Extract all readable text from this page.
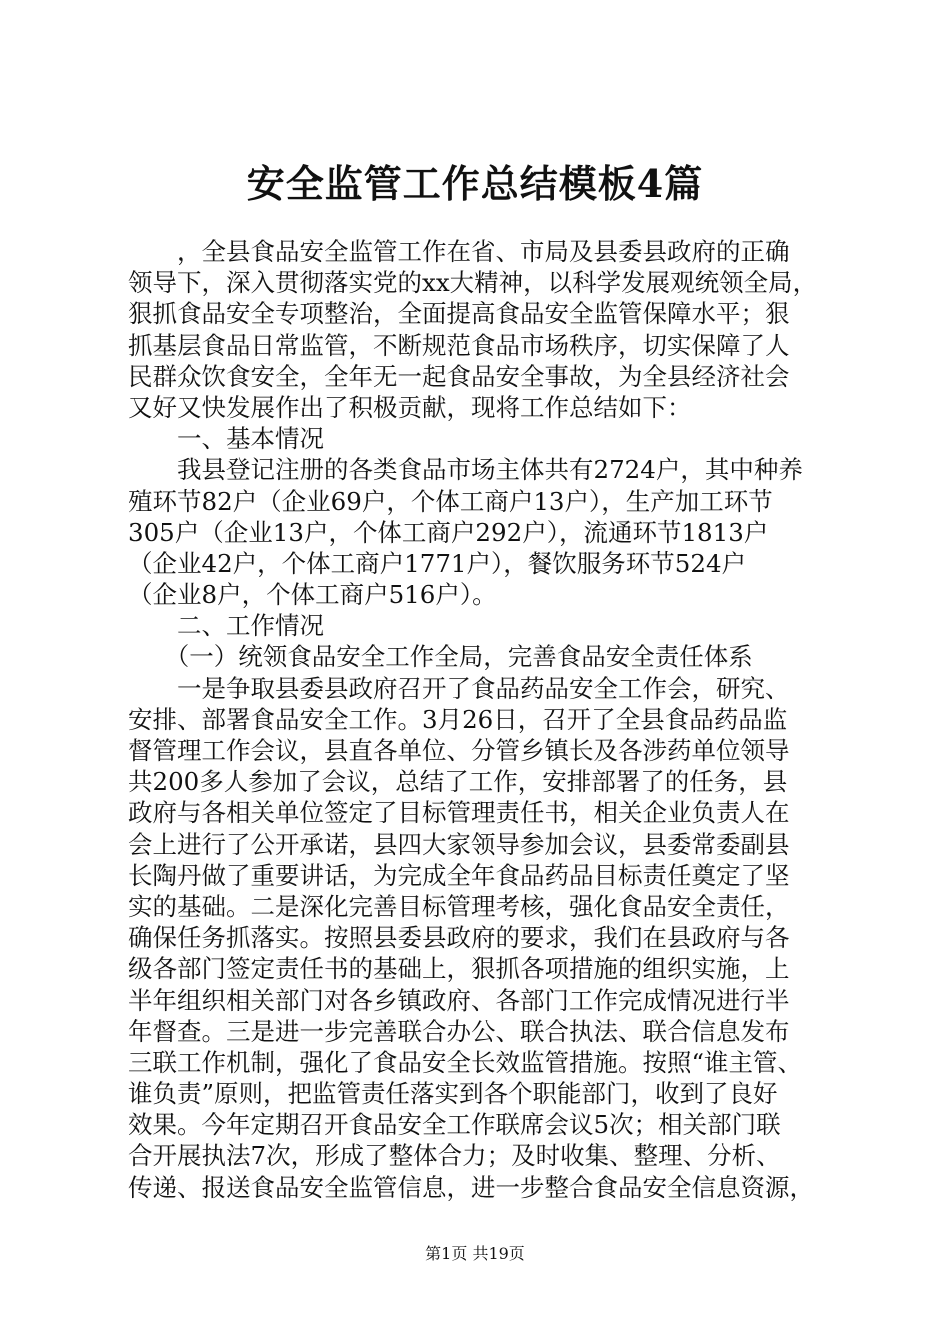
安全监管工作总结模板4篇
　　，全县食品安全监管工作在省、市局及县委县政府的正确
领导下，深入贯彻落实党的xx大精神，以科学发展观统领全局，
狠抓食品安全专项整治，全面提高食品安全监管保障水平；狠
抓基层食品日常监管，不断规范食品市场秩序，切实保障了人
民群众饮食安全，全年无一起食品安全事故，为全县经济社会
又好又快发展作出了积极贡献，现将工作总结如下：
　　一、基本情况
　　我县登记注册的各类食品市场主体共有2724户，其中种养
殖环节82户（企业69户，个体工商户13户），生产加工环节
305户（企业13户，个体工商户292户），流通环节1813户
（企业42户，个体工商户1771户），餐饮服务环节524户
（企业8户，个体工商户516户）。
　　二、工作情况
　　（一）统领食品安全工作全局，完善食品安全责任体系
　　一是争取县委县政府召开了食品药品安全工作会，研究、
安排、部署食品安全工作。3月26日，召开了全县食品药品监
督管理工作会议，县直各单位、分管乡镇长及各涉药单位领导
共200多人参加了会议，总结了工作，安排部署了的任务，县
政府与各相关单位签定了目标管理责任书，相关企业负责人在
会上进行了公开承诺，县四大家领导参加会议，县委常委副县
长陶丹做了重要讲话，为完成全年食品药品目标责任奠定了坚
实的基础。二是深化完善目标管理考核，强化食品安全责任，
确保任务抓落实。按照县委县政府的要求，我们在县政府与各
级各部门签定责任书的基础上，狠抓各项措施的组织实施，上
半年组织相关部门对各乡镇政府、各部门工作完成情况进行半
年督查。三是进一步完善联合办公、联合执法、联合信息发布
三联工作机制，强化了食品安全长效监管措施。按照“谁主管、
谁负责”原则，把监管责任落实到各个职能部门，收到了良好
效果。今年定期召开食品安全工作联席会议5次；相关部门联
合开展执法7次，形成了整体合力；及时收集、整理、分析、
传递、报送食品安全监管信息，进一步整合食品安全信息资源，
第1页 共19页
